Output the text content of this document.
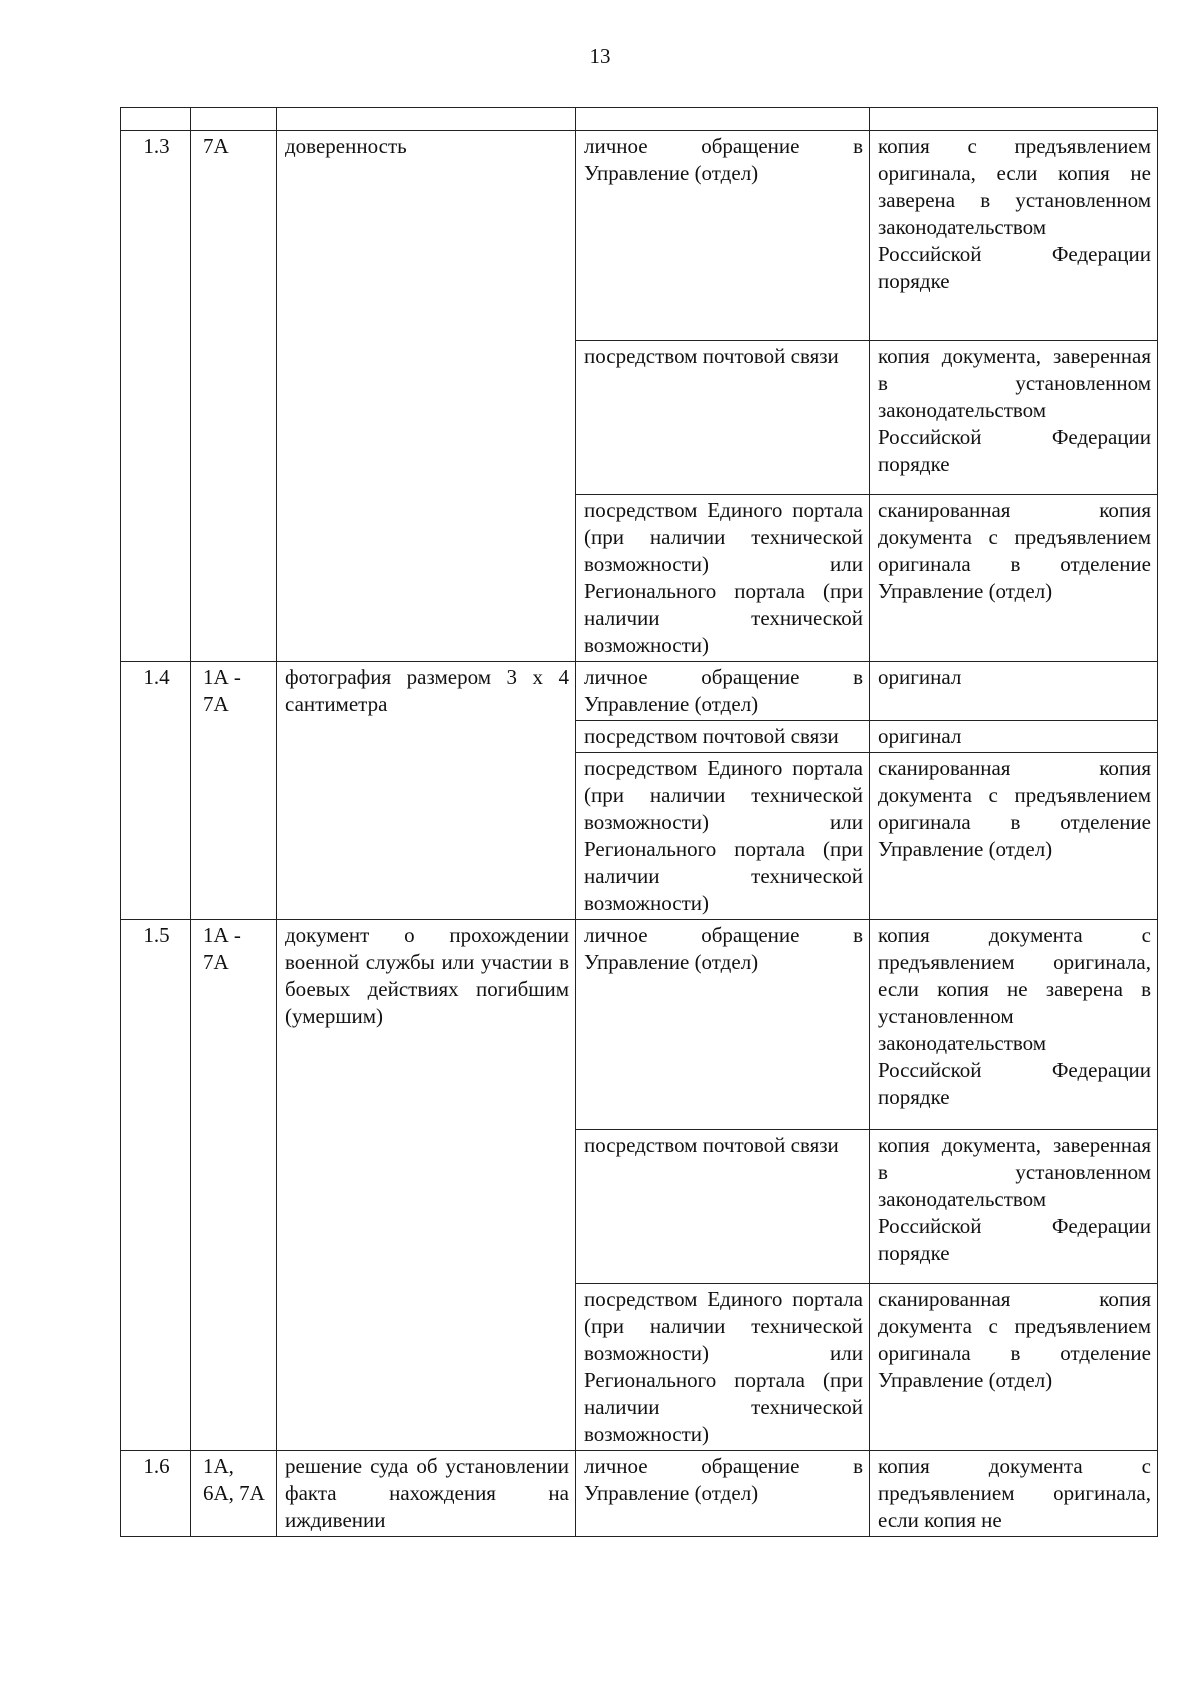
13

1.3	7А	доверенность	личное обращение в Управление (отдел)	копия с предъявлением оригинала, если копия не заверена в установленном законодательством Российской Федерации порядке
			посредством почтовой связи	копия документа, заверенная в установленном законодательством Российской Федерации порядке
			посредством Единого портала (при наличии технической возможности) или Регионального портала (при наличии технической возможности)	сканированная копия документа с предъявлением оригинала в отделение Управление (отдел)
1.4	1А - 7А	фотография размером 3 х 4 сантиметра	личное обращение в Управление (отдел)	оригинал
			посредством почтовой связи	оригинал
			посредством Единого портала (при наличии технической возможности) или Регионального портала (при наличии технической возможности)	сканированная копия документа с предъявлением оригинала в отделение Управление (отдел)
1.5	1А - 7А	документ о прохождении военной службы или участии в боевых действиях погибшим (умершим)	личное обращение в Управление (отдел)	копия документа с предъявлением оригинала, если копия не заверена в установленном законодательством Российской Федерации порядке
			посредством почтовой связи	копия документа, заверенная в установленном законодательством Российской Федерации порядке
			посредством Единого портала (при наличии технической возможности) или Регионального портала (при наличии технической возможности)	сканированная копия документа с предъявлением оригинала в отделение Управление (отдел)
1.6	1А, 6А, 7А	решение суда об установлении факта нахождения на иждивении	личное обращение в Управление (отдел)	копия документа с предъявлением оригинала, если копия не
